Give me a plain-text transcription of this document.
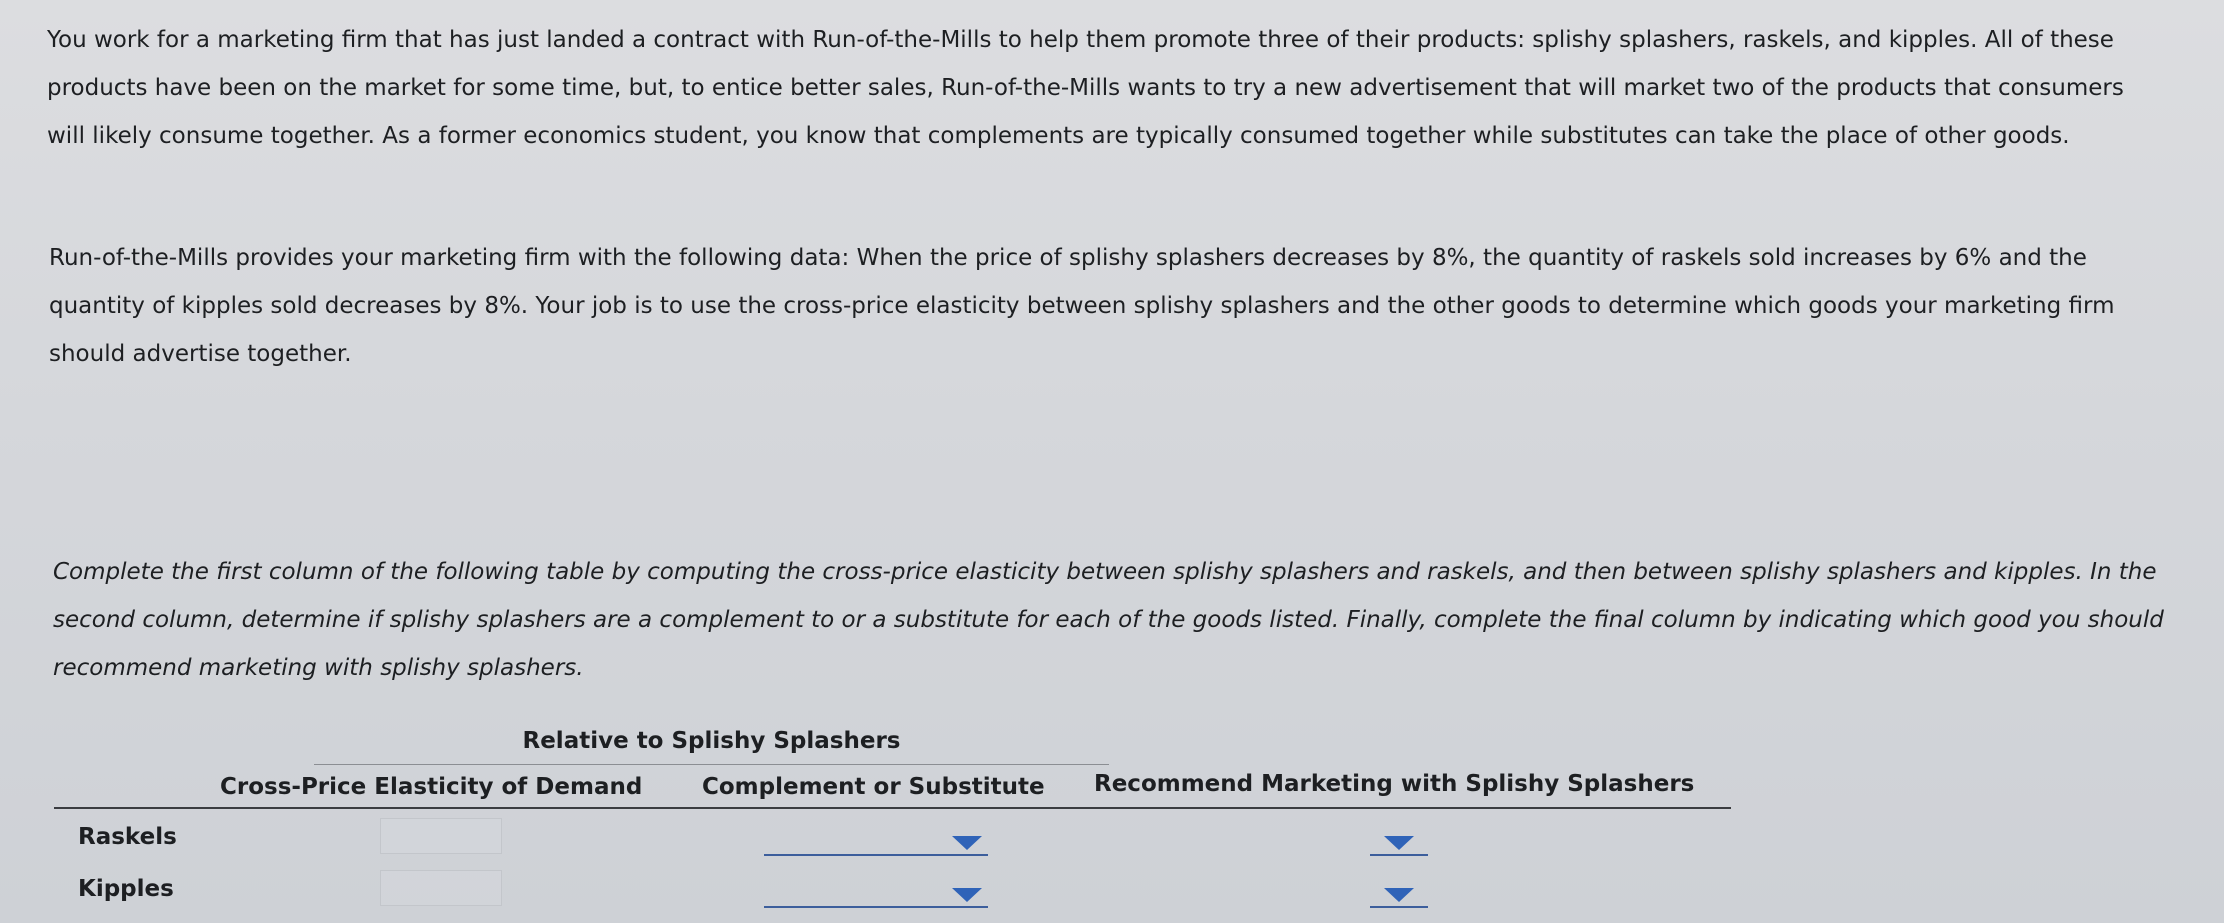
You work for a marketing firm that has just landed a contract with Run-of-the-Mills to help them promote three of their products: splishy splashers, raskels, and kipples. All of these products have been on the market for some time, but, to entice better sales, Run-of-the-Mills wants to try a new advertisement that will market two of the products that consumers will likely consume together. As a former economics student, you know that complements are typically consumed together while substitutes can take the place of other goods.

Run-of-the-Mills provides your marketing firm with the following data: When the price of splishy splashers decreases by 8%, the quantity of raskels sold increases by 6% and the quantity of kipples sold decreases by 8%. Your job is to use the cross-price elasticity between splishy splashers and the other goods to determine which goods your marketing firm should advertise together.

Complete the first column of the following table by computing the cross-price elasticity between splishy splashers and raskels, and then between splishy splashers and kipples. In the second column, determine if splishy splashers are a complement to or a substitute for each of the goods listed. Finally, complete the final column by indicating which good you should recommend marketing with splishy splashers.

Relative to Splishy Splashers
Cross-Price Elasticity of Demand	Complement or Substitute Recommend Marketing with Splishy Splashers
Raskels
Kipples
